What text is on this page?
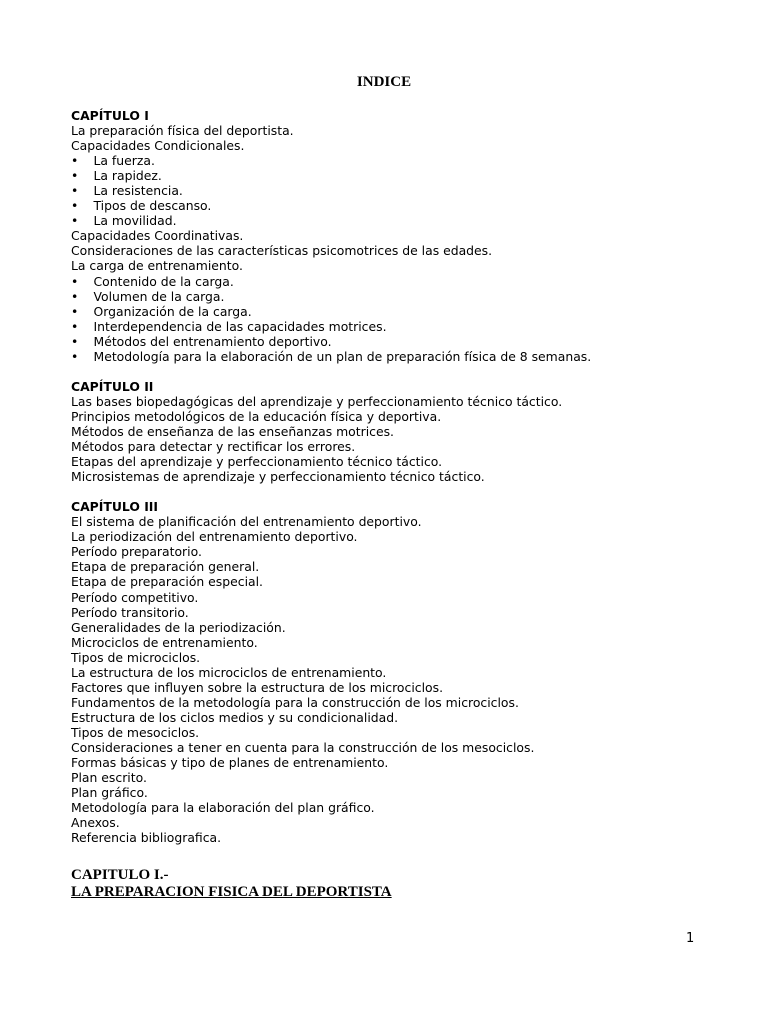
INDICE
CAPÍTULO I
La preparación física del deportista.
Capacidades Condicionales.
•	La fuerza.
•	La rapidez.
•	La resistencia.
•	Tipos de descanso.
•	La movilidad.
Capacidades Coordinativas.
Consideraciones de las características psicomotrices de las edades.
La carga de entrenamiento.
•	Contenido de la carga.
•	Volumen de la carga.
•	Organización de la carga.
•	Interdependencia de las capacidades motrices.
•	Métodos del entrenamiento deportivo.
•	Metodología para la elaboración de un plan de preparación física de 8 semanas.
CAPÍTULO II
Las bases biopedagógicas del aprendizaje y perfeccionamiento técnico táctico.
Principios metodológicos de la educación física y deportiva.
Métodos de enseñanza de las enseñanzas motrices.
Métodos para detectar y rectificar los errores.
Etapas del aprendizaje y perfeccionamiento técnico táctico.
Microsistemas de aprendizaje y perfeccionamiento técnico táctico.
CAPÍTULO III
El sistema de planificación del entrenamiento deportivo.
La periodización del entrenamiento deportivo.
Período preparatorio.
Etapa de preparación general.
Etapa de preparación especial.
Período competitivo.
Período transitorio.
Generalidades de la periodización.
Microciclos de entrenamiento.
Tipos de microciclos.
La estructura de los microciclos de entrenamiento.
Factores que influyen sobre la estructura de los microciclos.
Fundamentos de la metodología para la construcción de los microciclos.
Estructura de los ciclos medios y su condicionalidad.
Tipos de mesociclos.
Consideraciones a tener en cuenta para la construcción de los mesociclos.
Formas básicas y tipo de planes de entrenamiento.
Plan escrito.
Plan gráfico.
Metodología para la elaboración del plan gráfico.
Anexos.
Referencia bibliografica.
CAPITULO I.-
LA PREPARACION FISICA DEL DEPORTISTA
1
